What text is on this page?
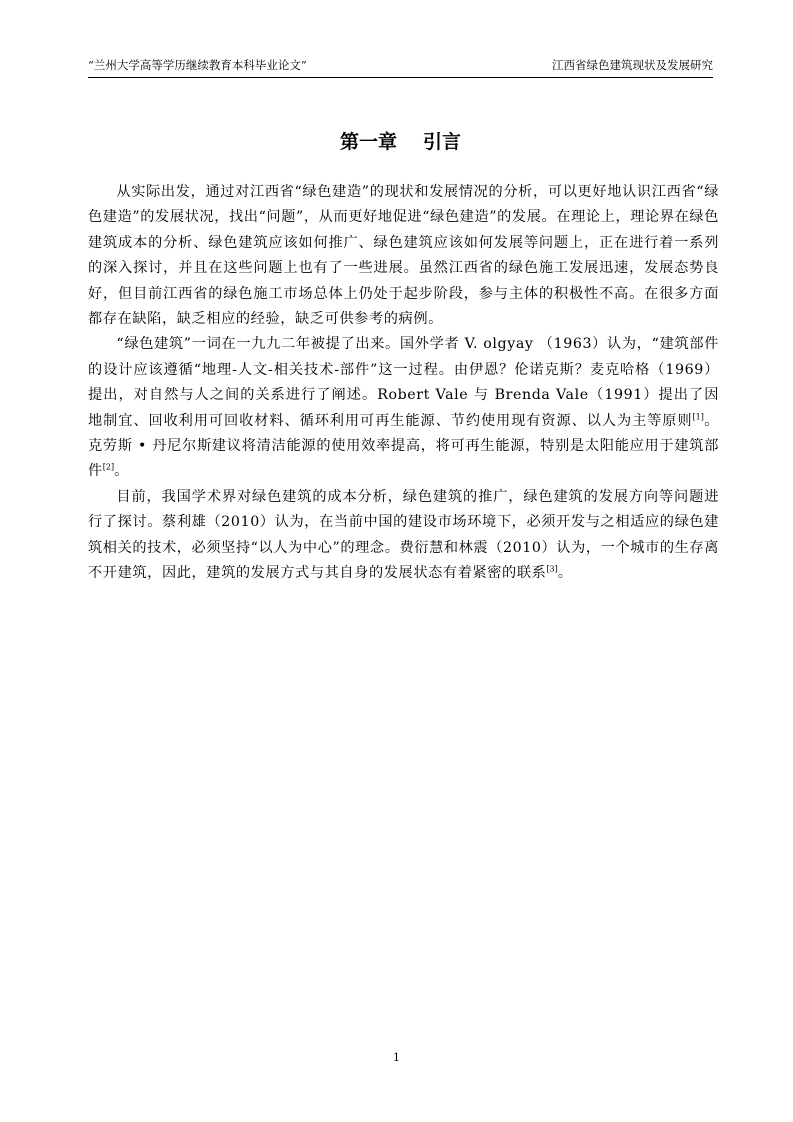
“兰州大学高等学历继续教育本科毕业论文”	江西省绿色建筑现状及发展研究
第一章 引言

从实际出发，通过对江西省“绿色建造”的现状和发展情况的分析，可以更好地认识江西省“绿色建造”的发展状况，找出“问题”，从而更好地促进“绿色建造”的发展。在理论上，理论界在绿色建筑成本的分析、绿色建筑应该如何推广、绿色建筑应该如何发展等问题上，正在进行着一系列的深入探讨，并且在这些问题上也有了一些进展。虽然江西省的绿色施工发展迅速，发展态势良好，但目前江西省的绿色施工市场总体上仍处于起步阶段，参与主体的积极性不高。在很多方面都存在缺陷，缺乏相应的经验，缺乏可供参考的病例。

“绿色建筑”一词在一九九二年被提了出来。国外学者 V. olgyay （1963）认为，“建筑部件的设计应该遵循“地理-人文-相关技术-部件”这一过程。由伊恩？伦诺克斯？麦克哈格（1969）提出，对自然与人之间的关系进行了阐述。Robert Vale 与 Brenda Vale（1991）提出了因地制宜、回收利用可回收材料、循环利用可再生能源、节约使用现有资源、以人为主等原则[1]。克劳斯 • 丹尼尔斯建议将清洁能源的使用效率提高，将可再生能源，特别是太阳能应用于建筑部件[2]。

目前，我国学术界对绿色建筑的成本分析，绿色建筑的推广，绿色建筑的发展方向等问题进行了探讨。蔡利雄（2010）认为，在当前中国的建设市场环境下，必须开发与之相适应的绿色建筑相关的技术，必须坚持“以人为中心”的理念。费衍慧和林震（2010）认为，一个城市的生存离不开建筑，因此，建筑的发展方式与其自身的发展状态有着紧密的联系[3]。

1
